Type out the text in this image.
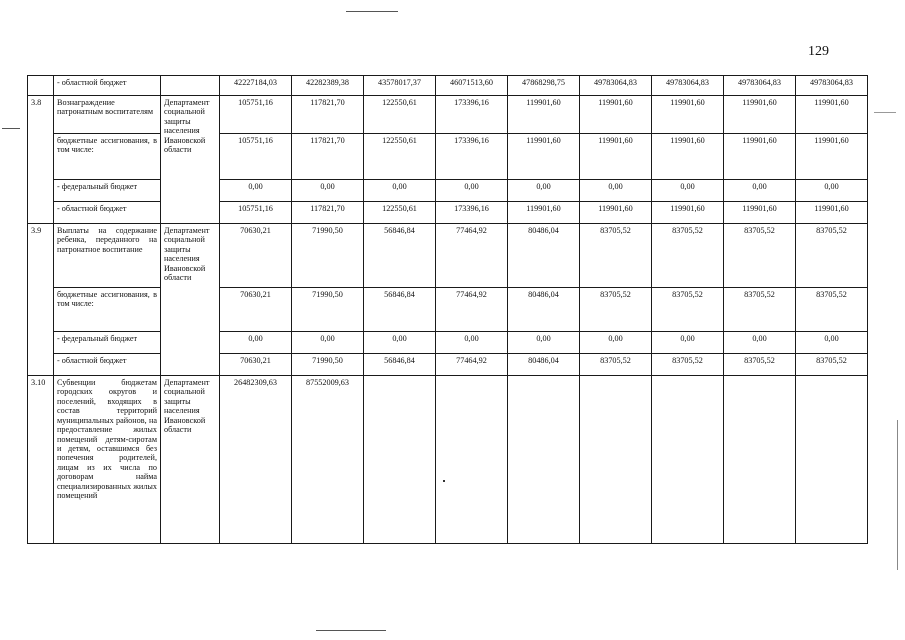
129
	- областной бюджет		42227184,03	42282389,38	43578017,37	46071513,60	47868298,75	49783064,83	49783064,83	49783064,83	49783064,83
3.8	Вознаграждение патронатным воспитателям	Департамент социальной защиты населения Ивановской области	105751,16	117821,70	122550,61	173396,16	119901,60	119901,60	119901,60	119901,60	119901,60
	бюджетные ассигнования, в том числе:		105751,16	117821,70	122550,61	173396,16	119901,60	119901,60	119901,60	119901,60	119901,60
	- федеральный бюджет		0,00	0,00	0,00	0,00	0,00	0,00	0,00	0,00	0,00
	- областной бюджет		105751,16	117821,70	122550,61	173396,16	119901,60	119901,60	119901,60	119901,60	119901,60
3.9	Выплаты на содержание ребенка, переданного на патронатное воспитание	Департамент социальной защиты населения Ивановской области	70630,21	71990,50	56846,84	77464,92	80486,04	83705,52	83705,52	83705,52	83705,52
	бюджетные ассигнования, в том числе:		70630,21	71990,50	56846,84	77464,92	80486,04	83705,52	83705,52	83705,52	83705,52
	- федеральный бюджет		0,00	0,00	0,00	0,00	0,00	0,00	0,00	0,00	0,00
	- областной бюджет		70630,21	71990,50	56846,84	77464,92	80486,04	83705,52	83705,52	83705,52	83705,52
3.10	Субвенции бюджетам городских округов и поселений, входящих в состав территорий муниципальных районов, на предоставление жилых помещений детям-сиротам и детям, оставшимся без попечения родителей, лицам из их числа по договорам найма специализированных жилых помещений	Департамент социальной защиты населения Ивановской области	26482309,63	87552009,63							
